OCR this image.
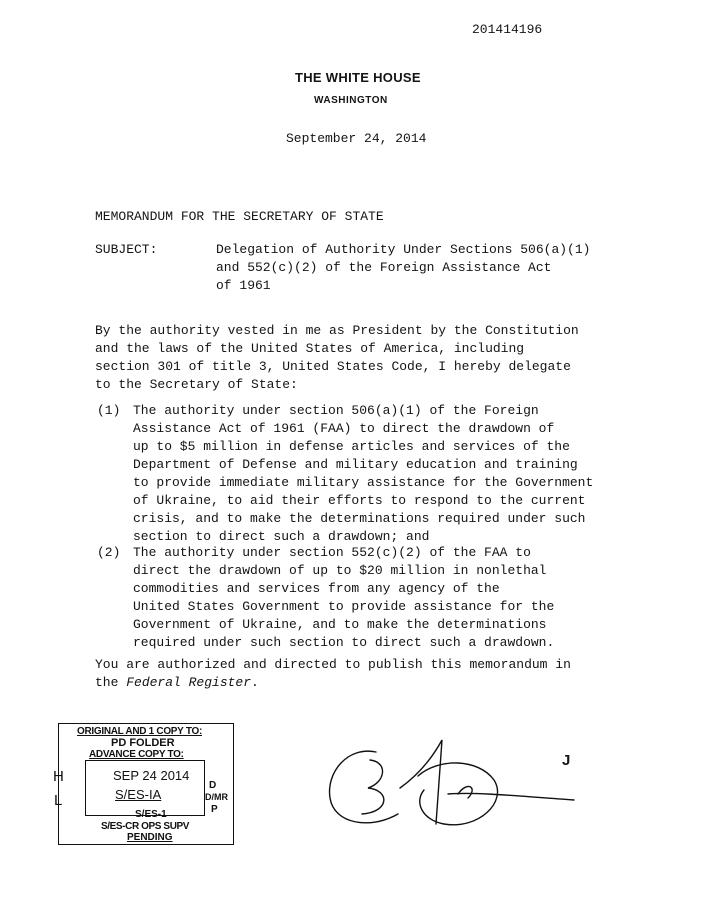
201414196
THE WHITE HOUSE
WASHINGTON
September 24, 2014
MEMORANDUM FOR THE SECRETARY OF STATE
SUBJECT:	Delegation of Authority Under Sections 506(a)(1)
and 552(c)(2) of the Foreign Assistance Act
of 1961
By the authority vested in me as President by the Constitution
and the laws of the United States of America, including
section 301 of title 3, United States Code, I hereby delegate
to the Secretary of State:
(1) The authority under section 506(a)(1) of the Foreign
Assistance Act of 1961 (FAA) to direct the drawdown of
up to $5 million in defense articles and services of the
Department of Defense and military education and training
to provide immediate military assistance for the Government
of Ukraine, to aid their efforts to respond to the current
crisis, and to make the determinations required under such
section to direct such a drawdown; and
(2) The authority under section 552(c)(2) of the FAA to
direct the drawdown of up to $20 million in nonlethal
commodities and services from any agency of the
United States Government to provide assistance for the
Government of Ukraine, and to make the determinations
required under such section to direct such a drawdown.
You are authorized and directed to publish this memorandum in
the Federal Register.
ORIGINAL AND 1 COPY TO:
PD FOLDER
ADVANCE COPY TO:
SEP 24 2014
S/ES-IA
S/ES-1
S/ES-CR OPS SUPV
PENDING
H
L
D
D/MR
P
J
